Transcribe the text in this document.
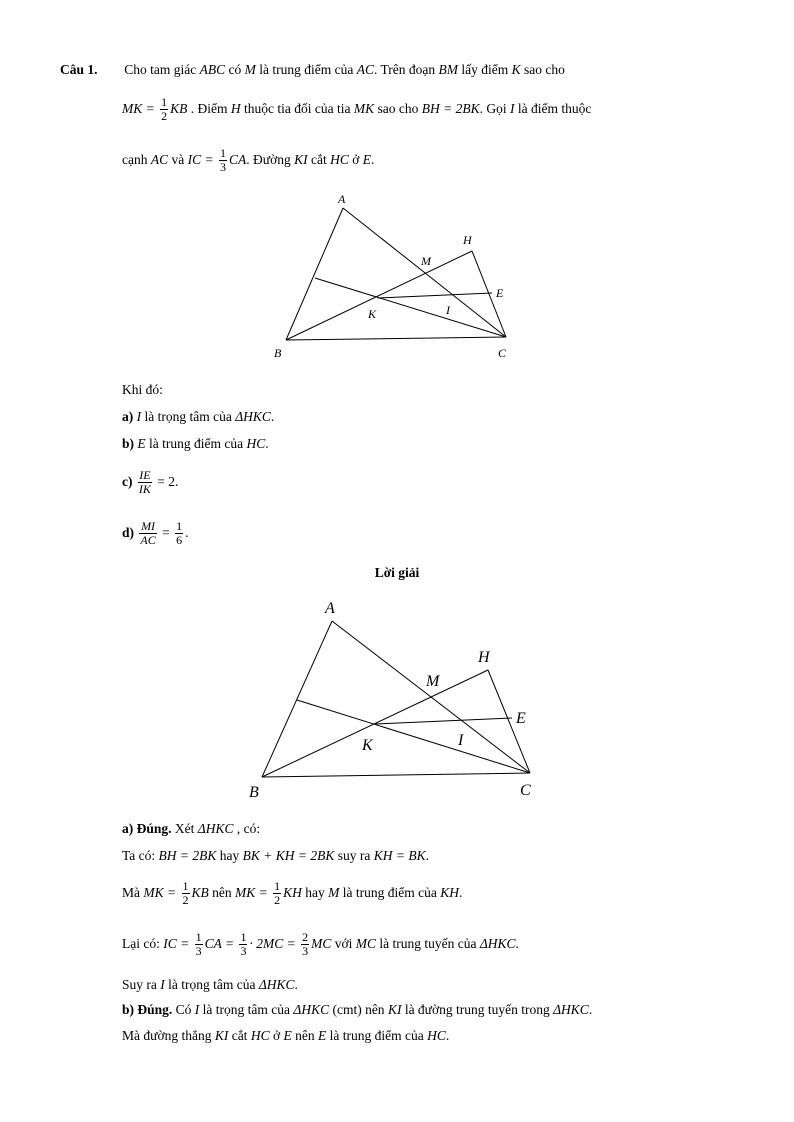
Câu 1. Cho tam giác ABC có M là trung điểm của AC. Trên đoạn BM lấy điểm K sao cho
MK = $\frac{1}{2}$ KB . Điểm H thuộc tia đối của tia MK sao cho BH = 2BK. Gọi I là điểm thuộc
cạnh AC và IC = $\frac{1}{3}$ CA. Đường KI cắt HC ở E.
A
B	C
H
M
E
K	I
Khi đó:
a) I là trọng tâm của ΔHKC.
b) E là trung điểm của HC.
$c) \frac{IE}{IK} = 2$.
$d) \frac{MI}{AC} = \frac{1}{6}$ .
Lời giải
A
B	C
H
M
E
K	I
a) Đúng. Xét ΔHKC , có:
Ta có: BH = 2BK hay BK + KH = 2BK suy ra KH = BK.
Mà MK = $\frac{1}{2}$ KB nên MK = $\frac{1}{2}$ KH hay M là trung điểm của KH.
Lại có: IC = $\frac{1}{3}$ CA = $\frac{1}{3} \cdot 2MC = \frac{2}{3}$ MC với MC là trung tuyến của ΔHKC.
Suy ra I là trọng tâm của ΔHKC.
b) Đúng. Có I là trọng tâm của ΔHKC (cmt) nên KI là đường trung tuyến trong ΔHKC.
Mà đường thẳng KI cắt HC ở E nên E là trung điểm của HC.
